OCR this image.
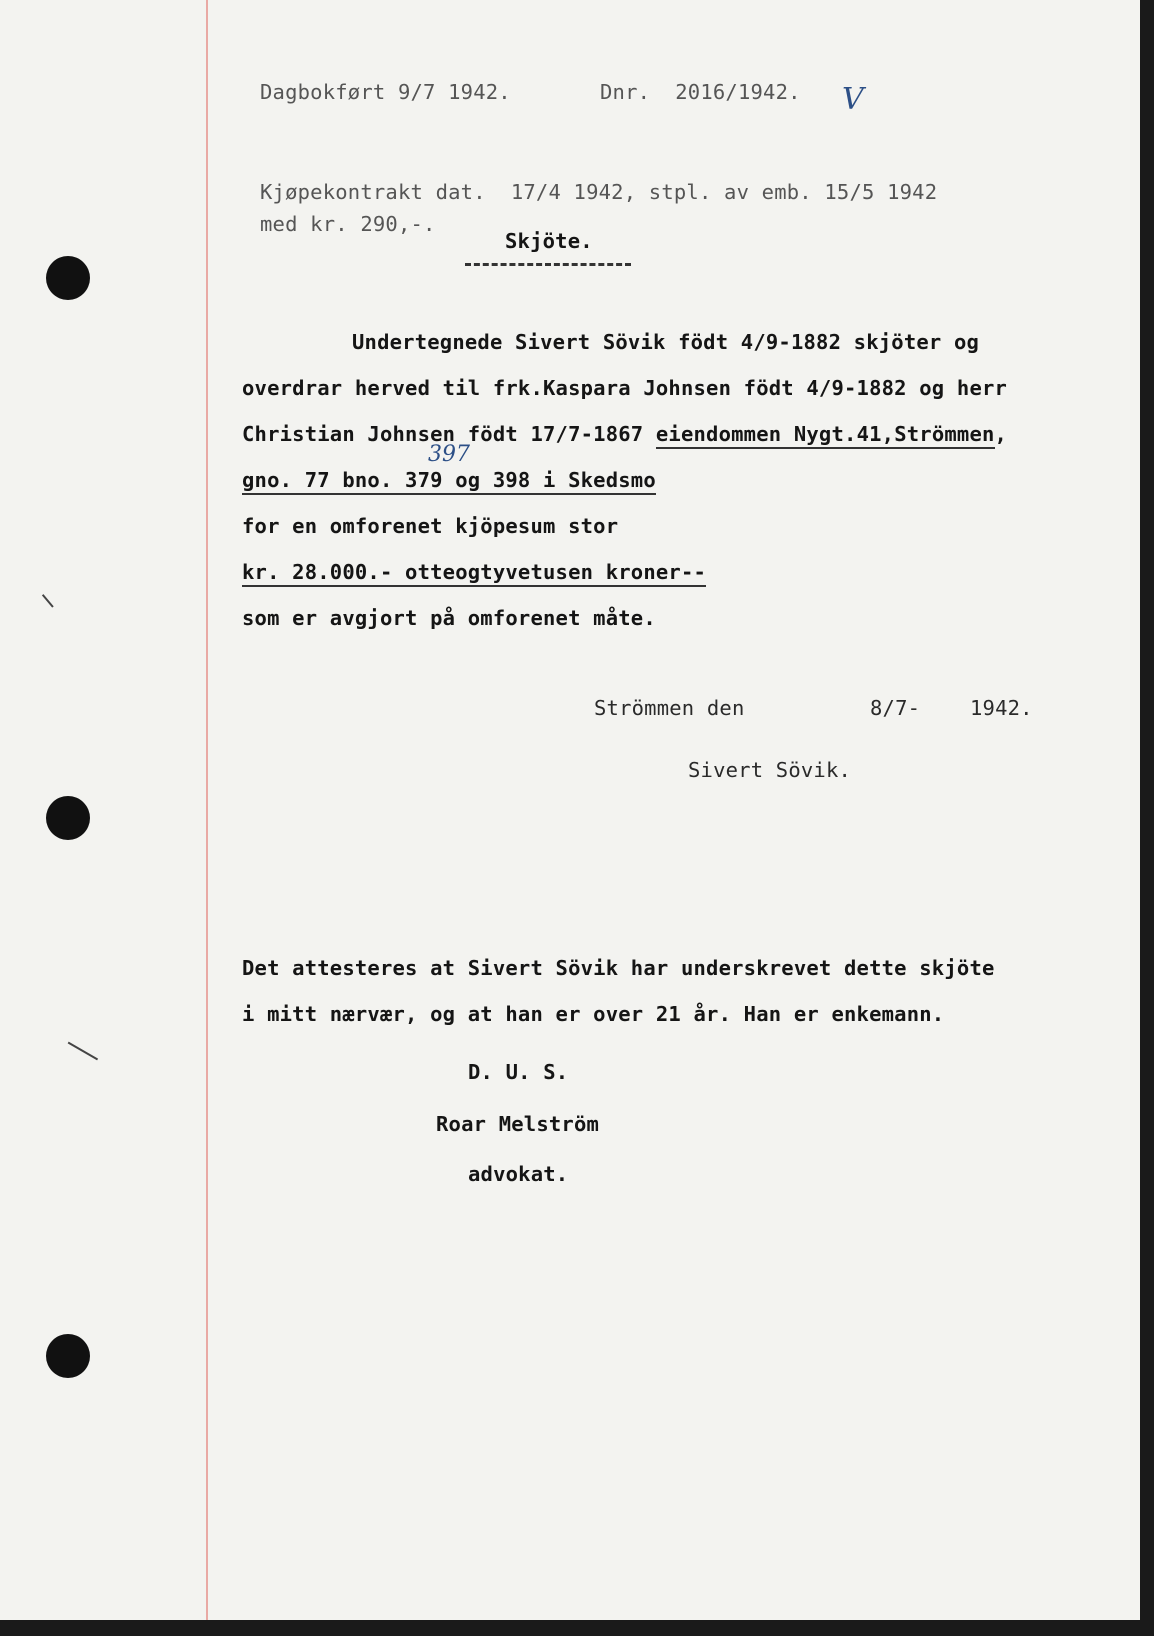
Dagbokført 9/7 1942.	Dnr.  2016/1942. V
Kjøpekontrakt dat.  17/4 1942, stpl. av emb. 15/5 1942
med kr. 290,-.
Skjöte.
Undertegnede Sivert Sövik födt 4/9-1882 skjöter og
overdrar herved til frk.Kaspara Johnsen födt 4/9-1882 og herr
Christian Johnsen födt 17/7-1867 eiendommen Nygt.41,Strömmen,
397
gno. 77 bno. 379 og 398 i Skedsmo
for en omforenet kjöpesum stor
kr. 28.000.- otteogtyvetusen kroner--
som er avgjort på omforenet måte.
Strömmen den	8/7- 1942.
Sivert Sövik.
Det attesteres at Sivert Sövik har underskrevet dette skjöte
i mitt nærvær, og at han er over 21 år. Han er enkemann.
D. U. S.
Roar Melström
advokat.
